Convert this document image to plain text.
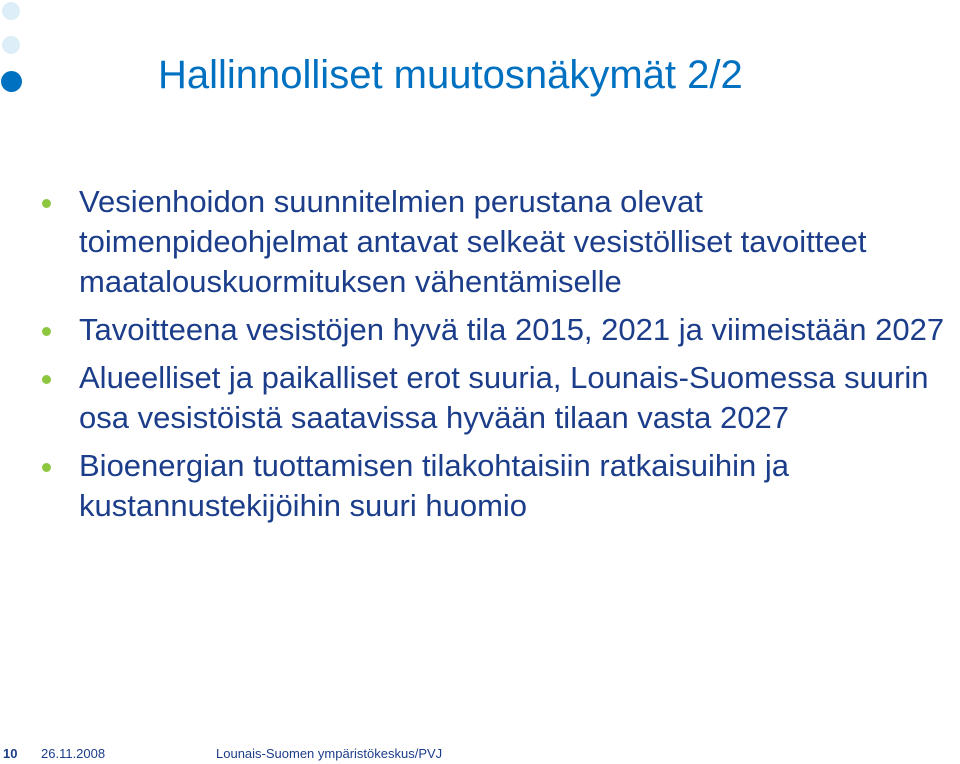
Hallinnolliset muutosnäkymät 2/2
Vesienhoidon suunnitelmien perustana olevat toimenpideohjelmat antavat selkeät vesistölliset tavoitteet maatalouskuormituksen vähentämiselle
Tavoitteena vesistöjen hyvä tila 2015, 2021 ja viimeistään 2027
Alueelliset ja paikalliset erot suuria, Lounais-Suomessa suurin osa vesistöistä saatavissa hyvään tilaan vasta 2027
Bioenergian tuottamisen tilakohtaisiin ratkaisuihin ja kustannustekijöihin suuri huomio
10 26.11.2008	Lounais-Suomen ympäristökeskus/PVJ
